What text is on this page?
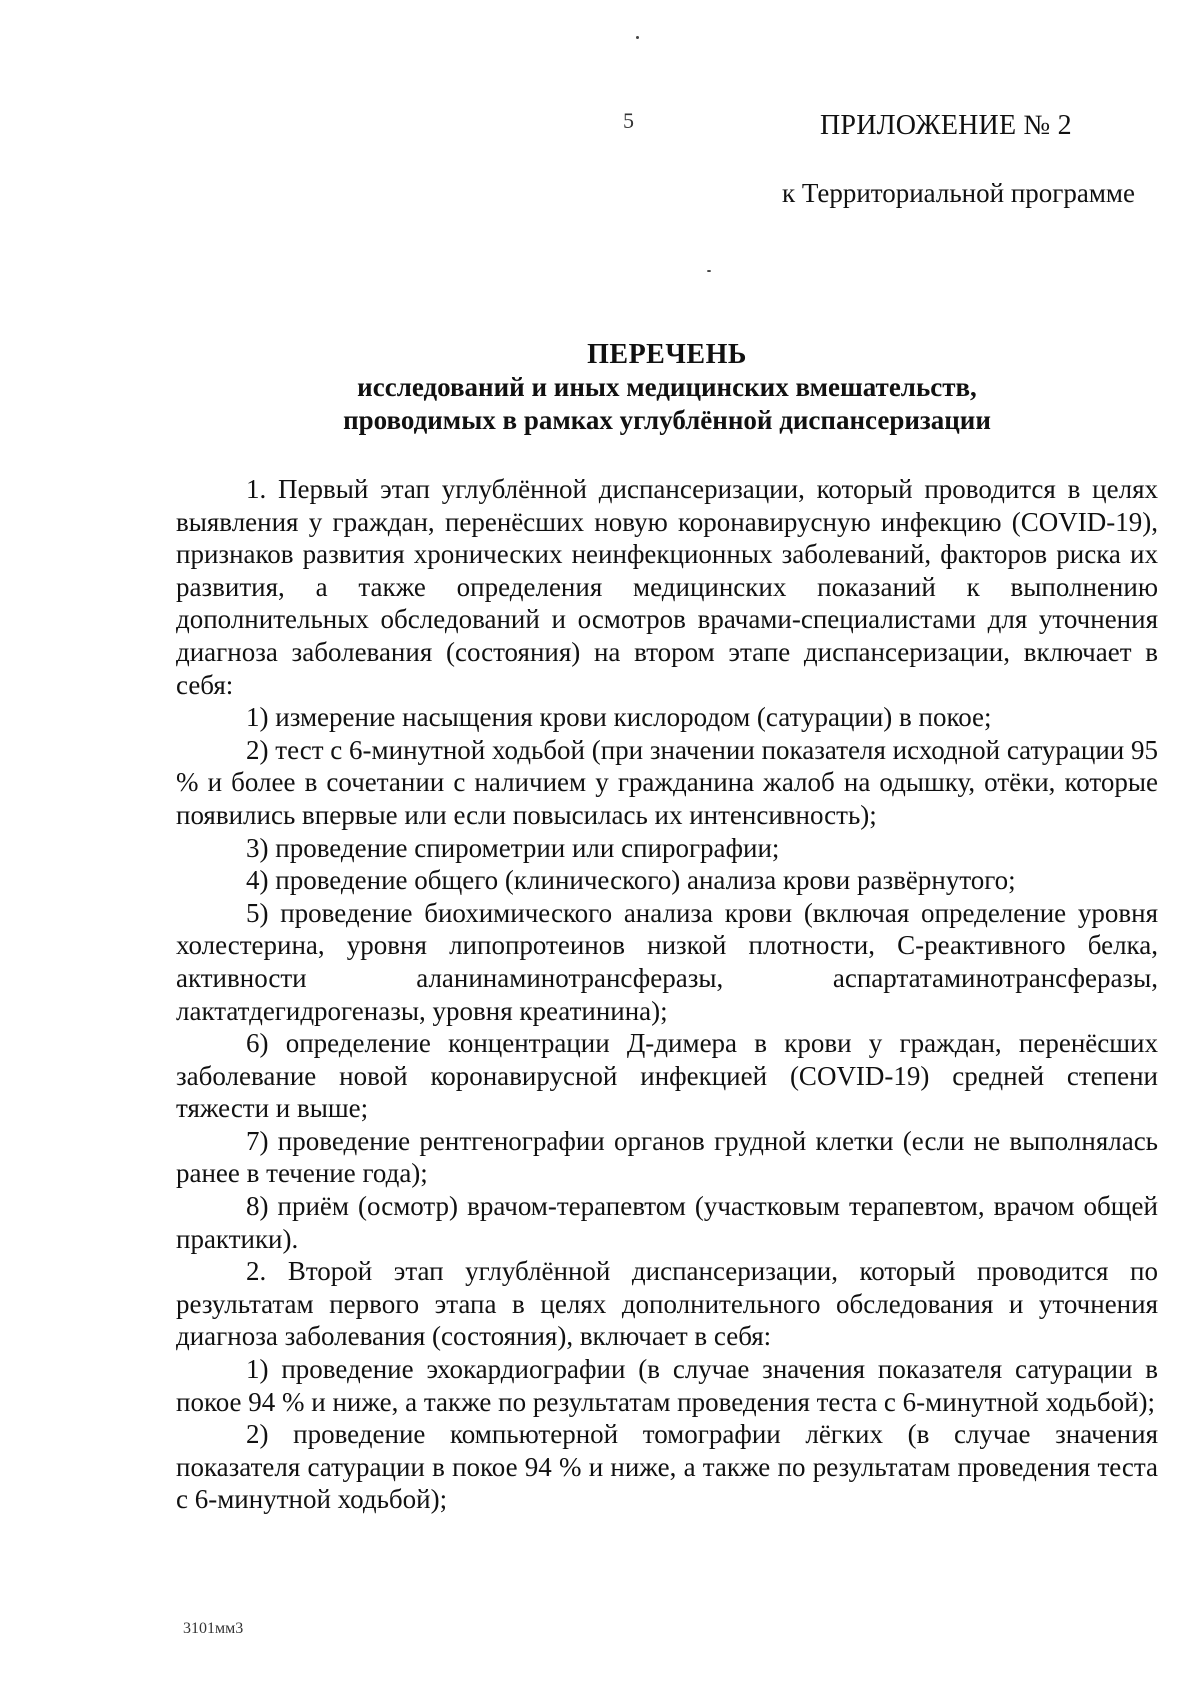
5	ПРИЛОЖЕНИЕ № 2
к Территориальной программе
ПЕРЕЧЕНЬ
исследований и иных медицинских вмешательств,
проводимых в рамках углублённой диспансеризации

1. Первый этап углублённой диспансеризации, который проводится в целях выявления у граждан, перенёсших новую коронавирусную инфекцию (COVID-19), признаков развития хронических неинфекционных заболеваний, факторов риска их развития, а также определения медицинских показаний к выполнению дополнительных обследований и осмотров врачами-специалистами для уточнения диагноза заболевания (состояния) на втором этапе диспансеризации, включает в себя:

1) измерение насыщения крови кислородом (сатурации) в покое;

2) тест с 6-минутной ходьбой (при значении показателя исходной сатурации 95 % и более в сочетании с наличием у гражданина жалоб на одышку, отёки, которые появились впервые или если повысилась их интенсивность);

3) проведение спирометрии или спирографии;

4) проведение общего (клинического) анализа крови развёрнутого;

5) проведение биохимического анализа крови (включая определение уровня холестерина, уровня липопротеинов низкой плотности, С-реактивного белка, активности аланинаминотрансферазы, аспартатаминотрансферазы, лактатдегидрогеназы, уровня креатинина);

6) определение концентрации Д-димера в крови у граждан, перенёсших заболевание новой коронавирусной инфекцией (COVID-19) средней степени тяжести и выше;

7) проведение рентгенографии органов грудной клетки (если не выполнялась ранее в течение года);

8) приём (осмотр) врачом-терапевтом (участковым терапевтом, врачом общей практики).

2. Второй этап углублённой диспансеризации, который проводится по результатам первого этапа в целях дополнительного обследования и уточнения диагноза заболевания (состояния), включает в себя:

1) проведение эхокардиографии (в случае значения показателя сатурации в покое 94 % и ниже, а также по результатам проведения теста с 6-минутной ходьбой);

2) проведение компьютерной томографии лёгких (в случае значения показателя сатурации в покое 94 % и ниже, а также по результатам проведения теста с 6-минутной ходьбой);

3101мм3
